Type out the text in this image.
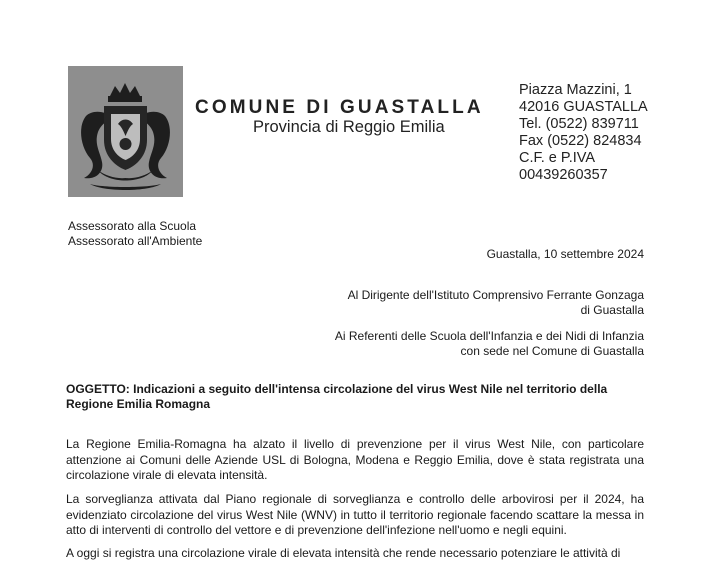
COMUNE DI GUASTALLA
Provincia di Reggio Emilia
Piazza Mazzini, 1
42016 GUASTALLA
Tel. (0522) 839711
Fax (0522) 824834
C.F. e P.IVA
00439260357
Assessorato alla Scuola
Assessorato all'Ambiente
Guastalla, 10 settembre 2024
Al Dirigente dell'Istituto Comprensivo Ferrante Gonzaga
di Guastalla
Ai Referenti delle Scuola dell'Infanzia e dei Nidi di Infanzia
con sede nel Comune di Guastalla
OGGETTO: Indicazioni a seguito dell'intensa circolazione del virus West Nile nel territorio della Regione Emilia Romagna
La Regione Emilia-Romagna ha alzato il livello di prevenzione per il virus West Nile, con particolare attenzione ai Comuni delle Aziende USL di Bologna, Modena e Reggio Emilia, dove è stata registrata una circolazione virale di elevata intensità.
La sorveglianza attivata dal Piano regionale di sorveglianza e controllo delle arbovirosi per il 2024, ha evidenziato circolazione del virus West Nile (WNV) in tutto il territorio regionale facendo scattare la messa in atto di interventi di controllo del vettore e di prevenzione dell'infezione nell'uomo e negli equini.
A oggi si registra una circolazione virale di elevata intensità che rende necessario potenziare le attività di
